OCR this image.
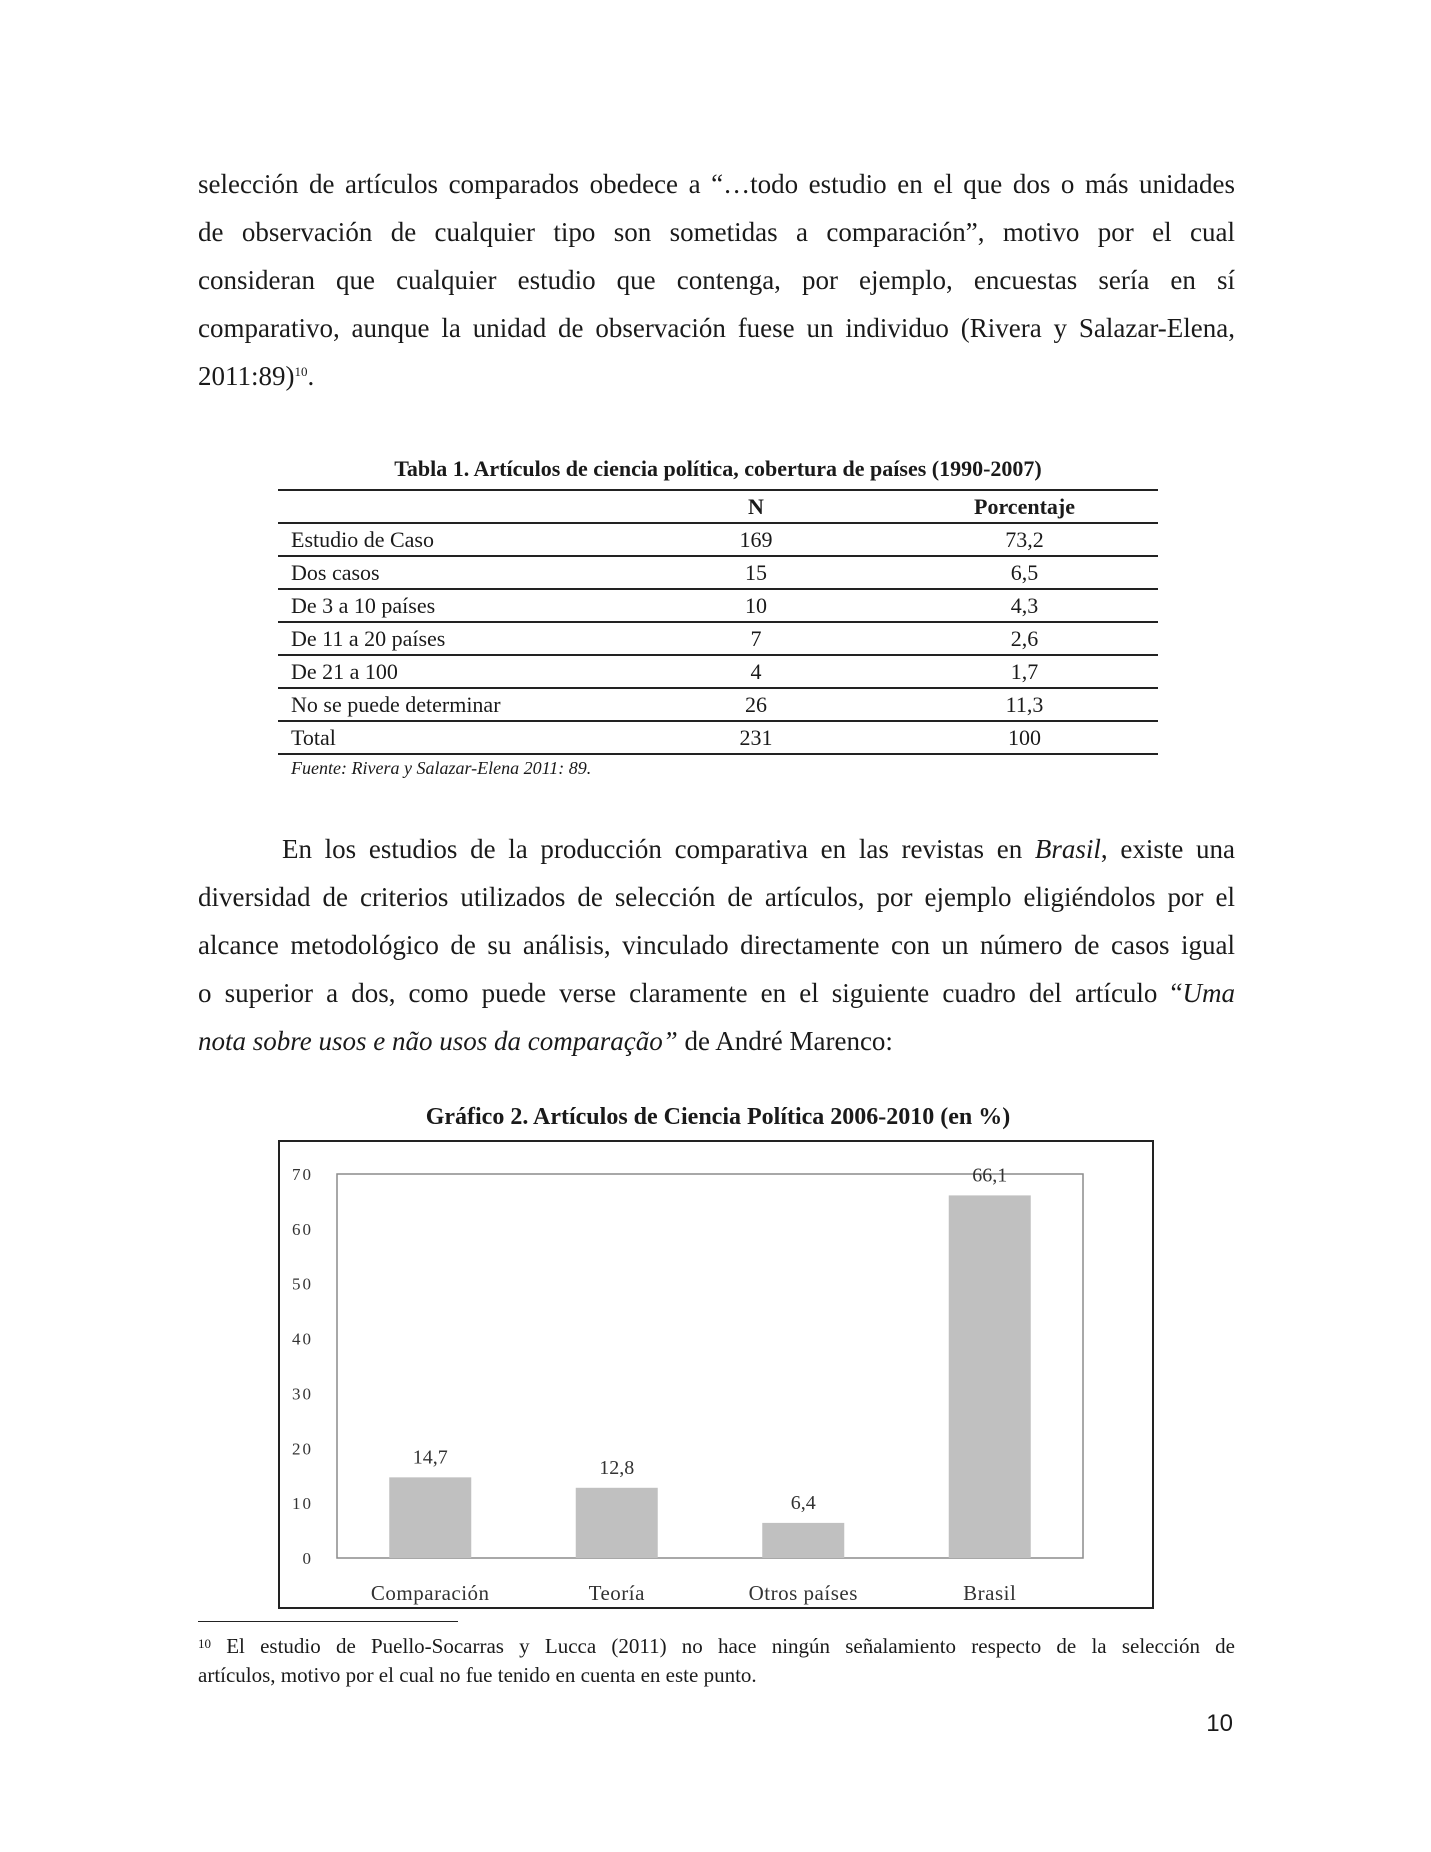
selección de artículos comparados obedece a “…todo estudio en el que dos o más unidades
de observación de cualquier tipo son sometidas a comparación”, motivo por el cual
consideran que cualquier estudio que contenga, por ejemplo, encuestas sería en sí
comparativo, aunque la unidad de observación fuese un individuo (Rivera y Salazar-Elena,
2011:89)$^{10}$.

Tabla 1. Artículos de ciencia política, cobertura de países (1990-2007)
	N	Porcentaje
Estudio de Caso	169	73,2
Dos casos	15	6,5
De 3 a 10 países	10	4,3
De 11 a 20 países	7	2,6
De 21 a 100	4	1,7
No se puede determinar	26	11,3
Total	231	100
Fuente: Rivera y Salazar-Elena 2011: 89.

En los estudios de la producción comparativa en las revistas en Brasil, existe una
diversidad de criterios utilizados de selección de artículos, por ejemplo eligiéndolos por el
alcance metodológico de su análisis, vinculado directamente con un número de casos igual
o superior a dos, como puede verse claramente en el siguiente cuadro del artículo “Uma
nota sobre usos e não usos da comparação” de André Marenco:

Gráfico 2. Artículos de Ciencia Política 2006-2010 (en %)
0
10
20
30
40
50
60
70
14,7
Comparación
12,8
Teoría
6,4
Otros países
66,1
Brasil

$^{10}$ El estudio de Puello-Socarras y Lucca (2011) no hace ningún señalamiento respecto de la selección de
artículos, motivo por el cual no fue tenido en cuenta en este punto.

10
